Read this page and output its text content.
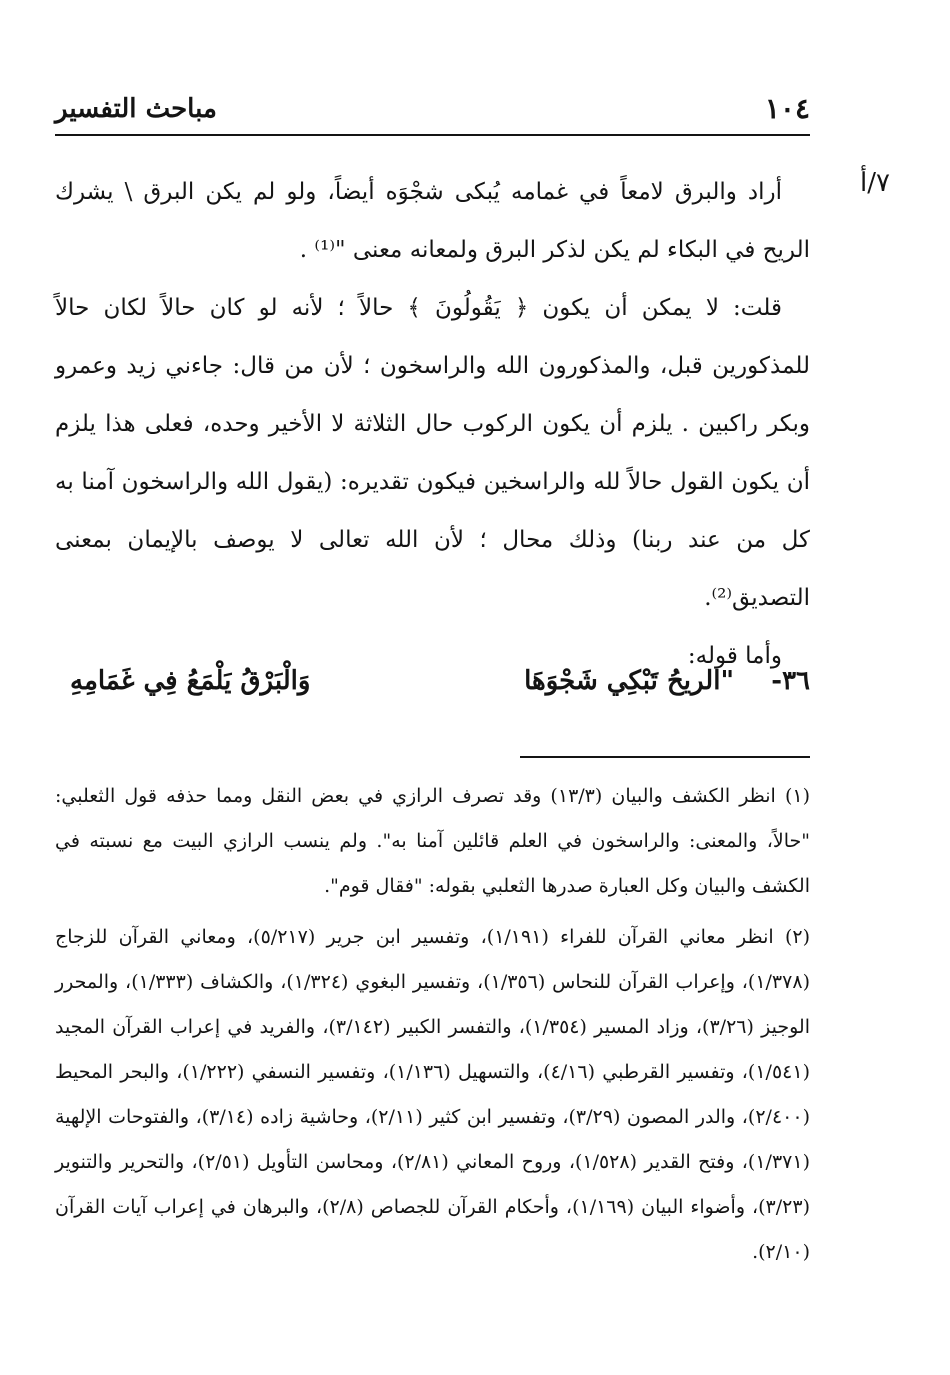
مباحث التفسير	١٠٤
٧/أ

أراد والبرق لامعاً في غمامه يُبكى شجْوَه أيضاً، ولو لم يكن البرق \ يشرك الريح في البكاء لم يكن لذكر البرق ولمعانه معنى "⁽¹⁾ .

قلت: لا يمكن أن يكون ﴿ يَقُولُونَ ﴾ حالاً ؛ لأنه لو كان حالاً لكان حالاً للمذكورين قبل، والمذكورون الله والراسخون ؛ لأن من قال: جاءني زيد وعمرو وبكر راكبين . يلزم أن يكون الركوب حال الثلاثة لا الأخير وحده، فعلى هذا يلزم أن يكون القول حالاً لله والراسخين فيكون تقديره: (يقول الله والراسخون آمنا به كل من عند ربنا) وذلك محال ؛ لأن الله تعالى لا يوصف بالإيمان بمعنى التصديق⁽²⁾.

وأما قوله:

٣٦-
"الريحُ تَبْكِي شَجْوَهَا
وَالْبَرْقُ يَلْمَعُ فِي غَمَامِهِ

(١) انظر الكشف والبيان (١٣/٣) وقد تصرف الرازي في بعض النقل ومما حذفه قول الثعلبي: "حالاً، والمعنى: والراسخون في العلم قائلين آمنا به". ولم ينسب الرازي البيت مع نسبته في الكشف والبيان وكل العبارة صدرها الثعلبي بقوله: "فقال قوم".

(٢) انظر معاني القرآن للفراء (١/١٩١)، وتفسير ابن جرير (٥/٢١٧)، ومعاني القرآن للزجاج (١/٣٧٨)، وإعراب القرآن للنحاس (١/٣٥٦)، وتفسير البغوي (١/٣٢٤)، والكشاف (١/٣٣٣)، والمحرر الوجيز (٣/٢٦)، وزاد المسير (١/٣٥٤)، والتفسر الكبير (٣/١٤٢)، والفريد في إعراب القرآن المجيد (١/٥٤١)، وتفسير القرطبي (٤/١٦)، والتسهيل (١/١٣٦)، وتفسير النسفي (١/٢٢٢)، والبحر المحيط (٢/٤٠٠)، والدر المصون (٣/٢٩)، وتفسير ابن كثير (٢/١١)، وحاشية زاده (٣/١٤)، والفتوحات الإلهية (١/٣٧١)، وفتح القدير (١/٥٢٨)، وروح المعاني (٢/٨١)، ومحاسن التأويل (٢/٥١)، والتحرير والتنوير (٣/٢٣)، وأضواء البيان (١/١٦٩)، وأحكام القرآن للجصاص (٢/٨)، والبرهان في إعراب آيات القرآن (٢/١٠).
